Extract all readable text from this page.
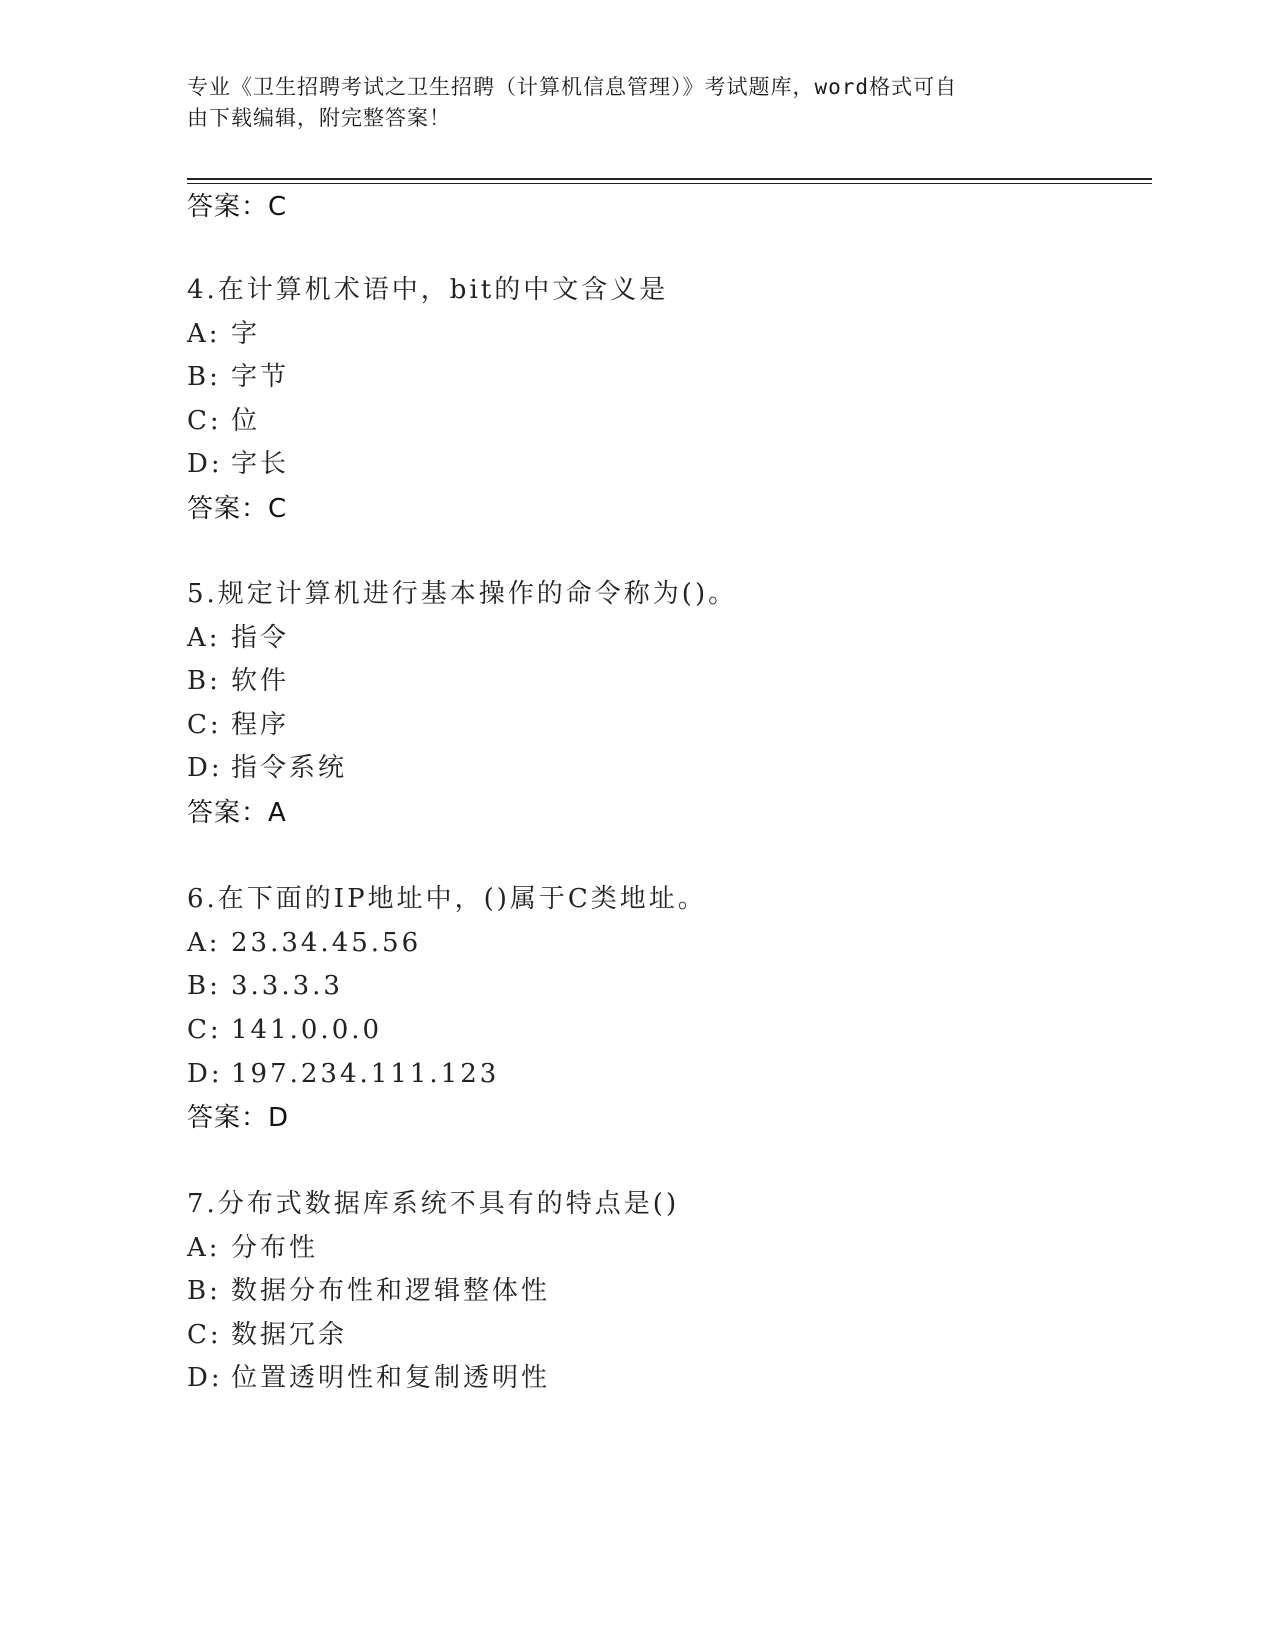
专业《卫生招聘考试之卫生招聘（计算机信息管理）》考试题库，word格式可自
由下载编辑，附完整答案！
答案：C
4.在计算机术语中，bit的中文含义是
A: 字
B: 字节
C: 位
D: 字长
答案：C
5.规定计算机进行基本操作的命令称为()。
A: 指令
B: 软件
C: 程序
D: 指令系统
答案：A
6.在下面的IP地址中，()属于C类地址。
A: 23.34.45.56
B: 3.3.3.3
C: 141.0.0.0
D: 197.234.111.123
答案：D
7.分布式数据库系统不具有的特点是()
A: 分布性
B: 数据分布性和逻辑整体性
C: 数据冗余
D: 位置透明性和复制透明性
